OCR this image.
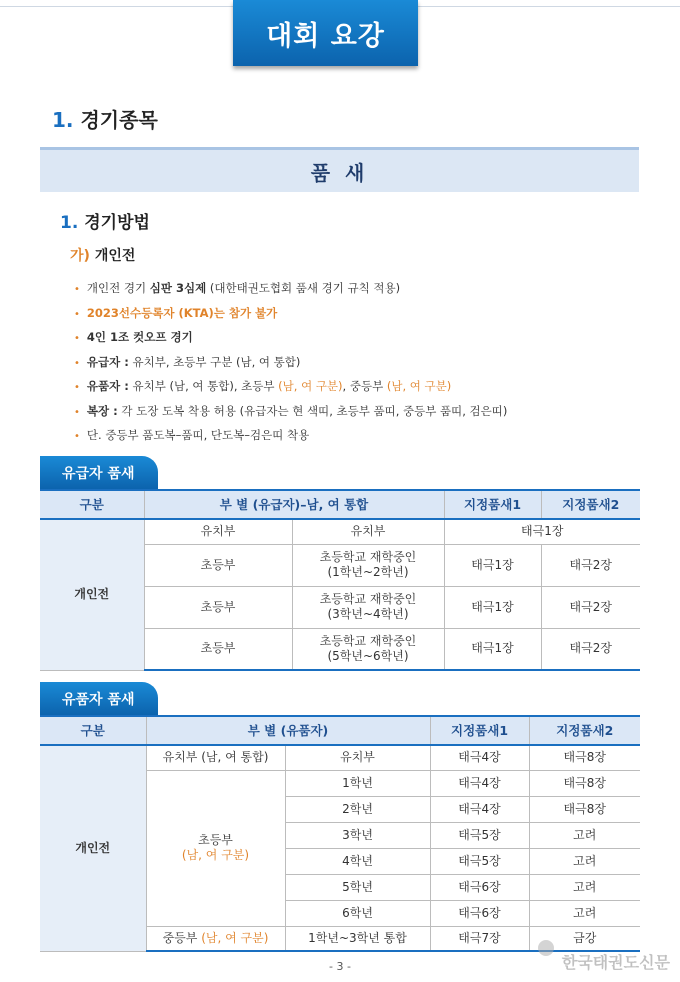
대회 요강
1. 경기종목
품 새
1. 경기방법
가) 개인전
• 개인전 경기 심판 3심제 (대한태권도협회 품새 경기 규칙 적용)
• 2023선수등록자 (KTA)는 참가 불가
• 4인 1조 컷오프 경기
• 유급자 : 유치부, 초등부 구분 (남, 여 통합)
• 유품자 : 유치부 (남, 여 통합), 초등부 (남, 여 구분), 중등부 (남, 여 구분)
• 복장 : 각 도장 도복 착용 허용 (유급자는 현 색띠, 초등부 품띠, 중등부 품띠, 검은띠)
• 단. 중등부 품도복–품띠, 단도복–검은띠 착용
유급자 품새
구분	부 별 (유급자)–남, 여 통합		지정품새1	지정품새2
개인전	유치부	유치부	태극1장	
	초등부	초등학교 재학중인
(1학년~2학년)	태극1장	태극2장
	초등부	초등학교 재학중인
(3학년~4학년)	태극1장	태극2장
	초등부	초등학교 재학중인
(5학년~6학년)	태극1장	태극2장
유품자 품새
구분	부 별 (유품자)		지정품새1	지정품새2
개인전	유치부 (남, 여 통합)	유치부	태극4장	태극8장
	초등부
(남, 여 구분)	1학년	태극4장	태극8장
		2학년	태극4장	태극8장
		3학년	태극5장	고려
		4학년	태극5장	고려
		5학년	태극6장	고려
		6학년	태극6장	고려
	중등부 (남, 여 구분)	1학년~3학년 통합	태극7장	금강
- 3 -	한국태권도신문
